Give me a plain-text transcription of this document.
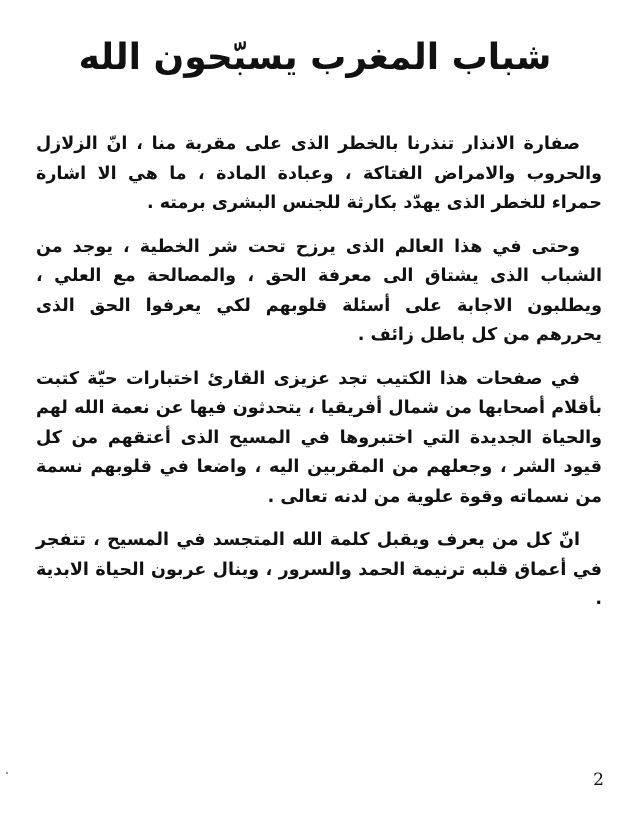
شباب المغرب يسبّحون الله

صفارة الانذار تنذرنا بالخطر الذى على مقربة منا ، انّ الزلازل والحروب والامراض الفتاكة ، وعبادة المادة ، ما هي الا اشارة حمراء للخطر الذى يهدّد بكارثة للجنس البشرى برمته .

وحتى في هذا العالم الذى يرزح تحت شر الخطية ، يوجد من الشباب الذى يشتاق الى معرفة الحق ، والمصالحة مع العلي ، ويطلبون الاجابة على أسئلة قلوبهم لكي يعرفوا الحق الذى يحررهم من كل باطل زائف .

في صفحات هذا الكتيب تجد عزيزى القارئ اختبارات حيّة كتبت بأقلام أصحابها من شمال أفريقيا ، يتحدثون فيها عن نعمة الله لهم والحياة الجديدة التي اختبروها في المسيح الذى أعتقهم من كل قيود الشر ، وجعلهم من المقربين اليه ، واضعا في قلوبهم نسمة من نسماته وقوة علوية من لدنه تعالى .

انّ كل من يعرف ويقبل كلمة الله المتجسد في المسيح ، تتفجر في أعماق قلبه ترنيمة الحمد والسرور ، وينال عربون الحياة الابدية .

2
